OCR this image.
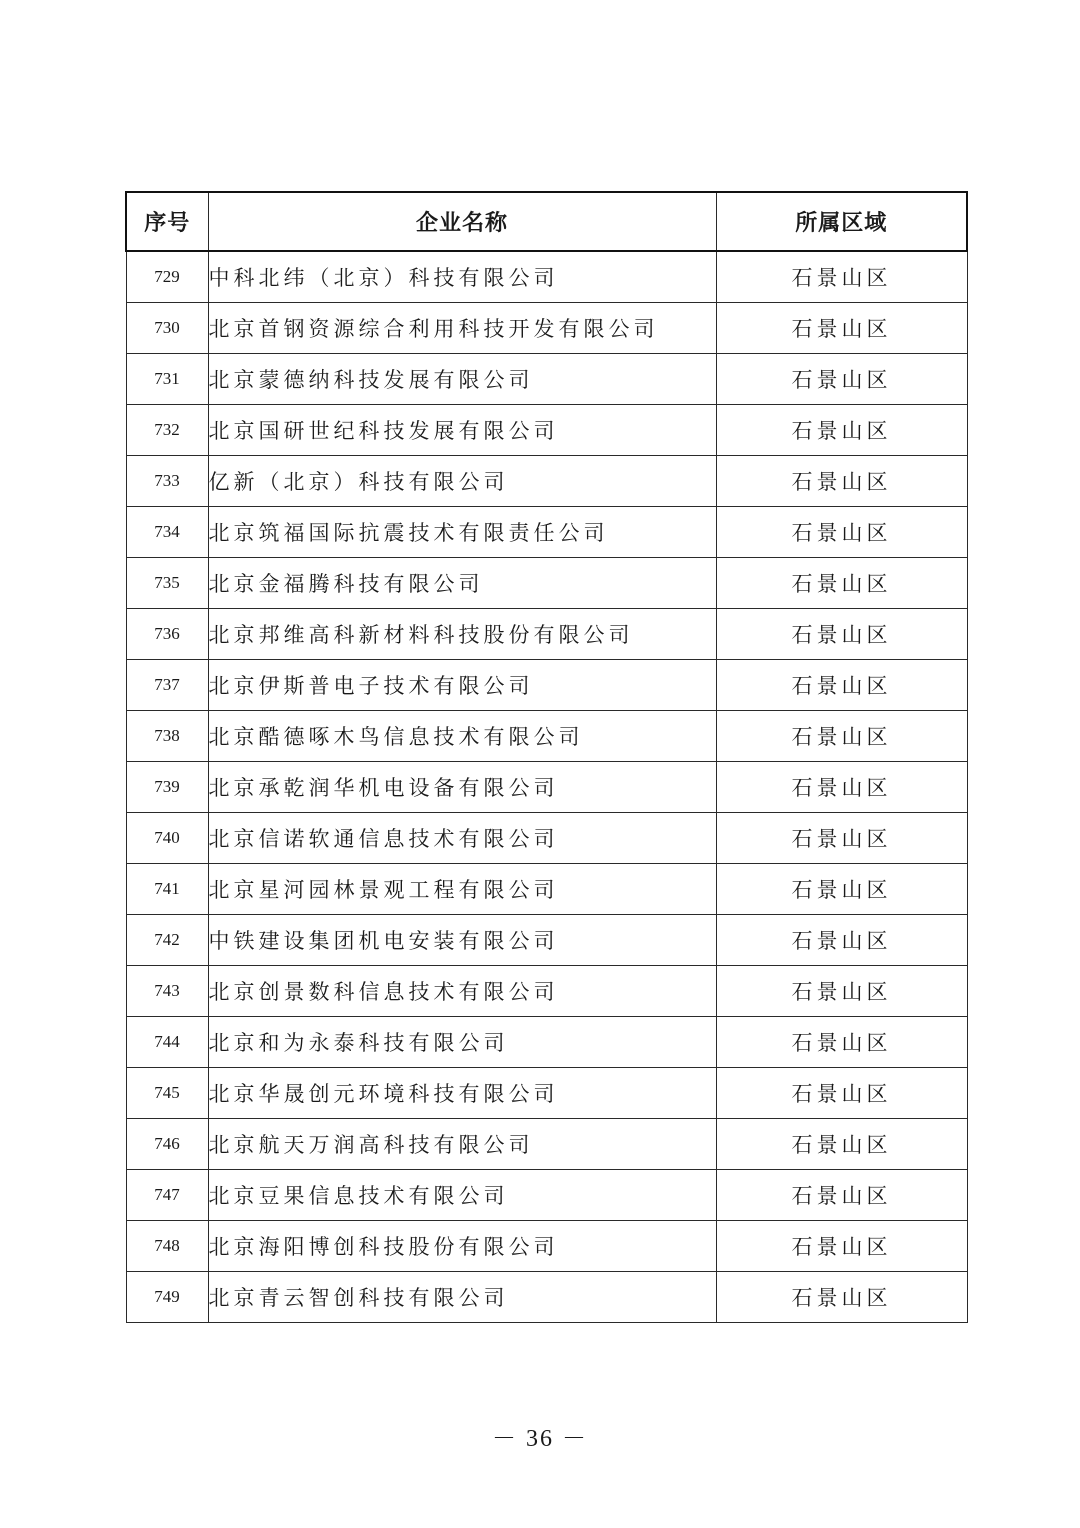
序号	企业名称	所属区域
729	中科北纬（北京）科技有限公司	石景山区
730	北京首钢资源综合利用科技开发有限公司	石景山区
731	北京蒙德纳科技发展有限公司	石景山区
732	北京国研世纪科技发展有限公司	石景山区
733	亿新（北京）科技有限公司	石景山区
734	北京筑福国际抗震技术有限责任公司	石景山区
735	北京金福腾科技有限公司	石景山区
736	北京邦维高科新材料科技股份有限公司	石景山区
737	北京伊斯普电子技术有限公司	石景山区
738	北京酷德啄木鸟信息技术有限公司	石景山区
739	北京承乾润华机电设备有限公司	石景山区
740	北京信诺软通信息技术有限公司	石景山区
741	北京星河园林景观工程有限公司	石景山区
742	中铁建设集团机电安装有限公司	石景山区
743	北京创景数科信息技术有限公司	石景山区
744	北京和为永泰科技有限公司	石景山区
745	北京华晟创元环境科技有限公司	石景山区
746	北京航天万润高科技有限公司	石景山区
747	北京豆果信息技术有限公司	石景山区
748	北京海阳博创科技股份有限公司	石景山区
749	北京青云智创科技有限公司	石景山区
－ 36 －
